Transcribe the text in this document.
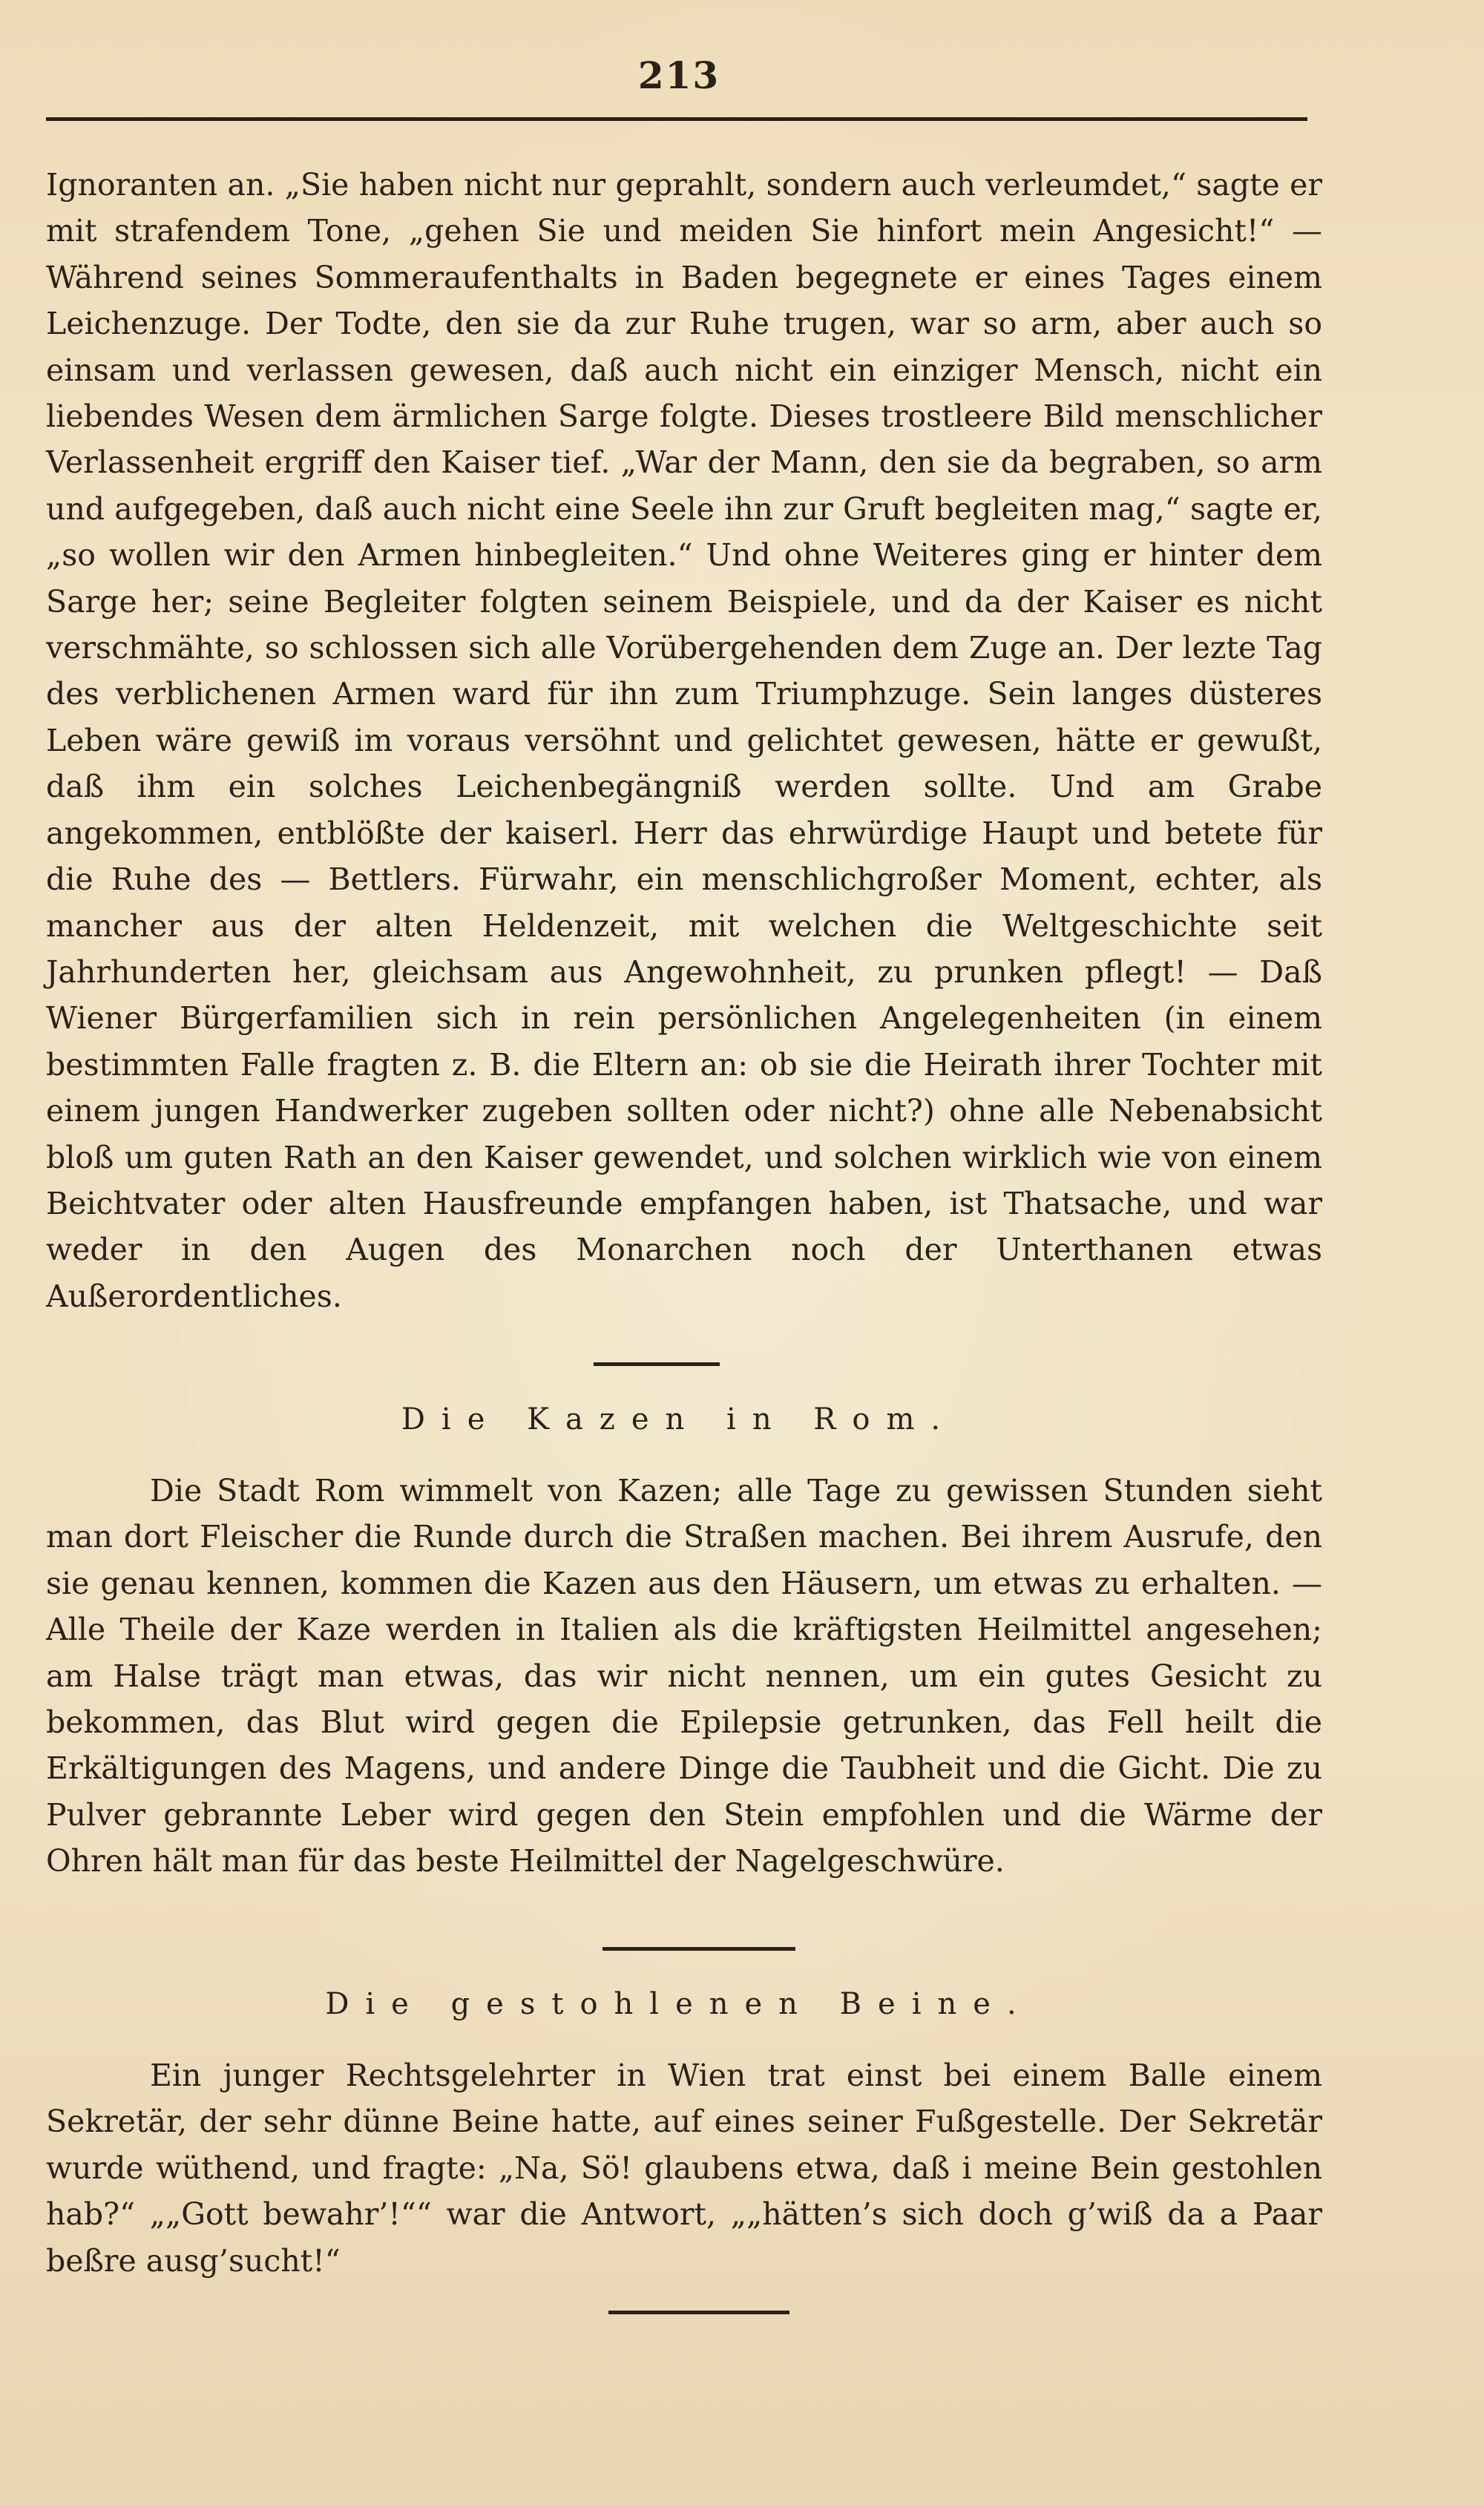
213

Ignoranten an. „Sie haben nicht nur geprahlt, sondern auch verleumdet,“ sagte er mit strafendem Tone, „gehen Sie und meiden Sie hinfort mein Angesicht!“ — Während seines Sommeraufenthalts in Baden begegnete er eines Tages einem Leichenzuge. Der Todte, den sie da zur Ruhe trugen, war so arm, aber auch so einsam und verlassen gewesen, daß auch nicht ein einziger Mensch, nicht ein liebendes Wesen dem ärmlichen Sarge folgte. Dieses trostleere Bild menschlicher Verlassenheit ergriff den Kaiser tief. „War der Mann, den sie da begraben, so arm und aufgegeben, daß auch nicht eine Seele ihn zur Gruft begleiten mag,“ sagte er, „so wollen wir den Armen hinbegleiten.“ Und ohne Weiteres ging er hinter dem Sarge her; seine Begleiter folgten seinem Beispiele, und da der Kaiser es nicht verschmähte, so schlossen sich alle Vorübergehenden dem Zuge an. Der lezte Tag des verblichenen Armen ward für ihn zum Triumphzuge. Sein langes düsteres Leben wäre gewiß im voraus versöhnt und gelichtet gewesen, hätte er gewußt, daß ihm ein solches Leichenbegängniß werden sollte. Und am Grabe angekommen, entblößte der kaiserl. Herr das ehrwürdige Haupt und betete für die Ruhe des — Bettlers. Fürwahr, ein menschlichgroßer Moment, echter, als mancher aus der alten Heldenzeit, mit welchen die Weltgeschichte seit Jahrhunderten her, gleichsam aus Angewohnheit, zu prunken pflegt! — Daß Wiener Bürgerfamilien sich in rein persönlichen Angelegenheiten (in einem bestimmten Falle fragten z. B. die Eltern an: ob sie die Heirath ihrer Tochter mit einem jungen Handwerker zugeben sollten oder nicht?) ohne alle Nebenabsicht bloß um guten Rath an den Kaiser gewendet, und solchen wirklich wie von einem Beichtvater oder alten Hausfreunde empfangen haben, ist Thatsache, und war weder in den Augen des Monarchen noch der Unterthanen etwas Außerordentliches.

Die Kazen in Rom.

Die Stadt Rom wimmelt von Kazen; alle Tage zu gewissen Stunden sieht man dort Fleischer die Runde durch die Straßen machen. Bei ihrem Ausrufe, den sie genau kennen, kommen die Kazen aus den Häusern, um etwas zu erhalten. — Alle Theile der Kaze werden in Italien als die kräftigsten Heilmittel angesehen; am Halse trägt man etwas, das wir nicht nennen, um ein gutes Gesicht zu bekommen, das Blut wird gegen die Epilepsie getrunken, das Fell heilt die Erkältigungen des Magens, und andere Dinge die Taubheit und die Gicht. Die zu Pulver gebrannte Leber wird gegen den Stein empfohlen und die Wärme der Ohren hält man für das beste Heilmittel der Nagelgeschwüre.

Die gestohlenen Beine.

Ein junger Rechtsgelehrter in Wien trat einst bei einem Balle einem Sekretär, der sehr dünne Beine hatte, auf eines seiner Fußgestelle. Der Sekretär wurde wüthend, und fragte: „Na, Sö! glaubens etwa, daß i meine Bein gestohlen hab?“ „„Gott bewahr’!““ war die Antwort, „„hätten’s sich doch g’wiß da a Paar beßre ausg’sucht!“
